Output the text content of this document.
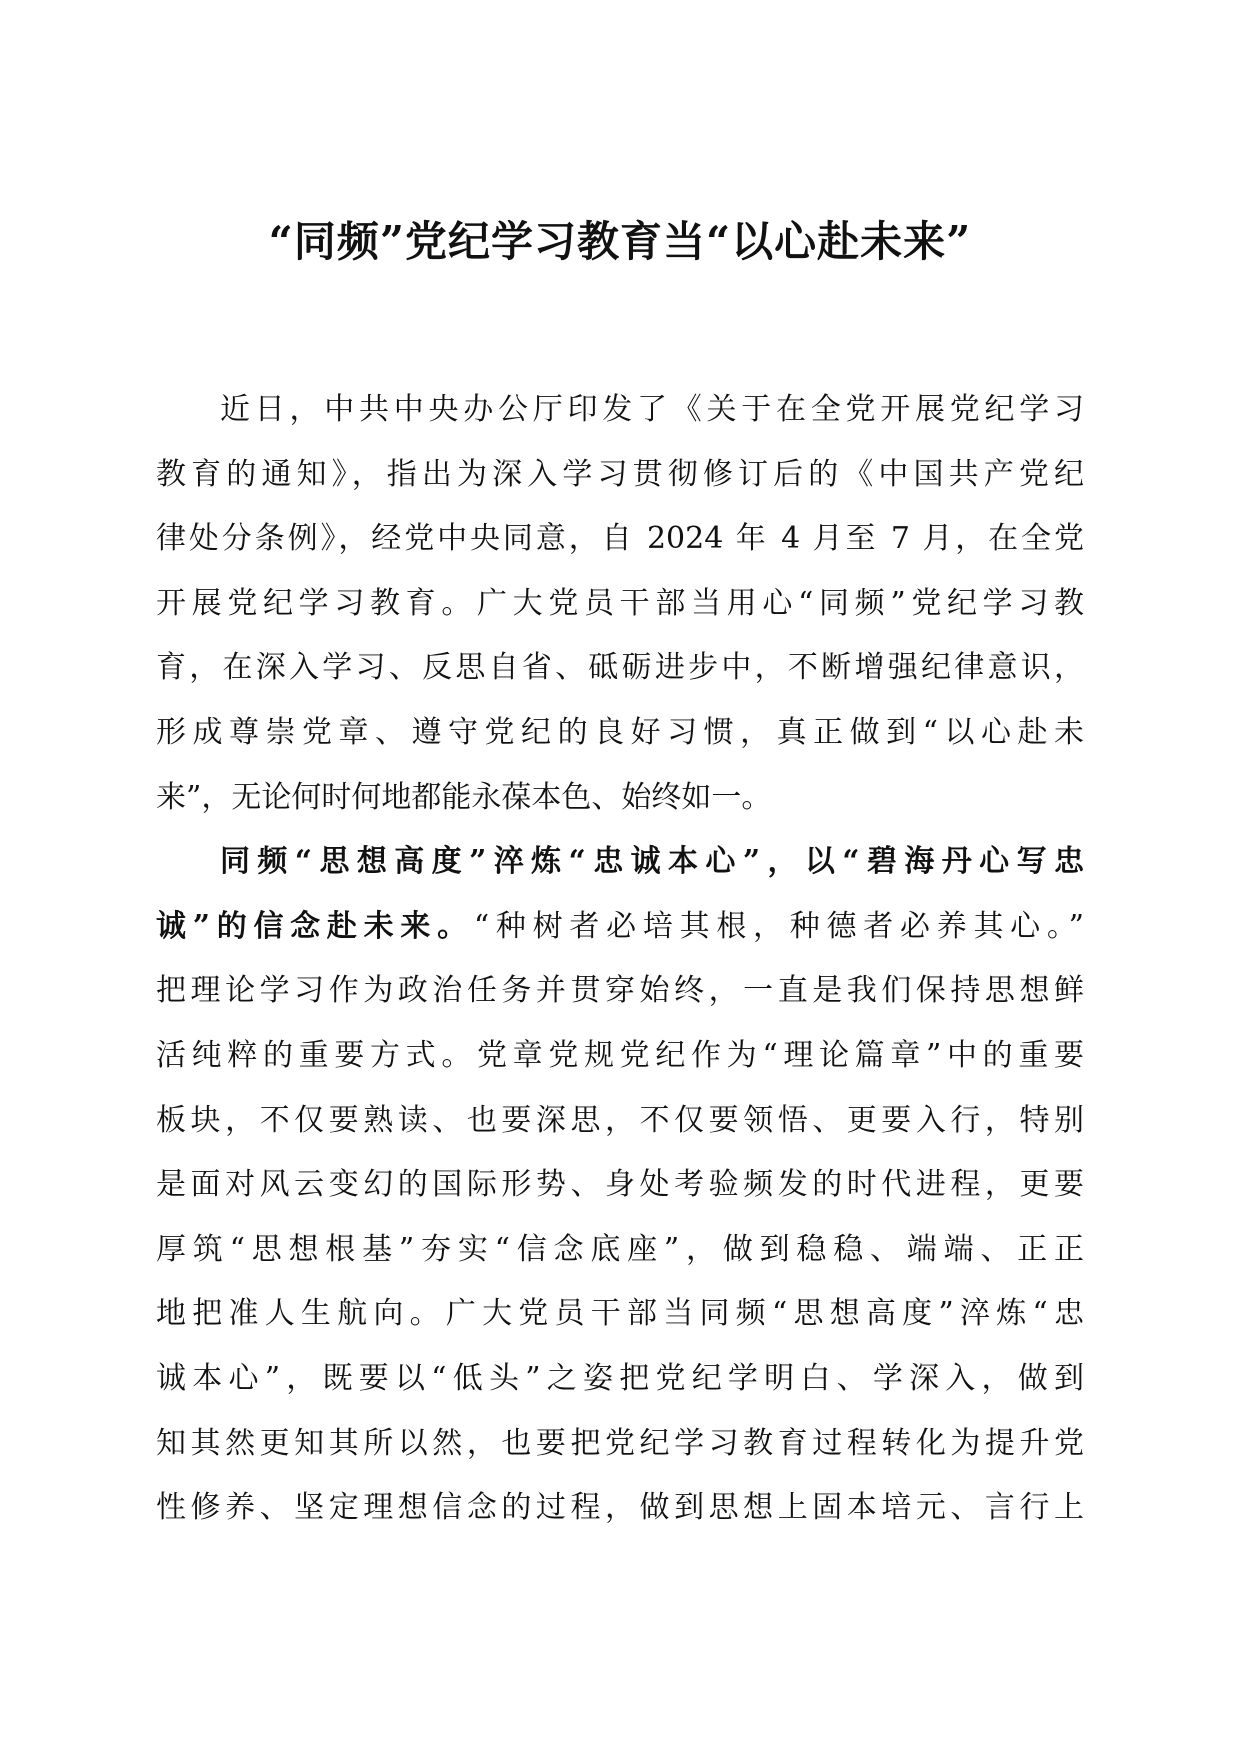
“同频”党纪学习教育当“以心赴未来”
近日，中共中央办公厅印发了《关于在全党开展党纪学习
教育的通知》，指出为深入学习贯彻修订后的《中国共产党纪
律处分条例》，经党中央同意，自 2024 年 4 月至 7 月，在全党
开展党纪学习教育。广大党员干部当用心“同频”党纪学习教
育，在深入学习、反思自省、砥砺进步中，不断增强纪律意识，
形成尊崇党章、遵守党纪的良好习惯，真正做到“以心赴未
来”，无论何时何地都能永葆本色、始终如一。
同频“思想高度”淬炼“忠诚本心”，以“碧海丹心写忠
诚”的信念赴未来。“种树者必培其根，种德者必养其心。”
把理论学习作为政治任务并贯穿始终，一直是我们保持思想鲜
活纯粹的重要方式。党章党规党纪作为“理论篇章”中的重要
板块，不仅要熟读、也要深思，不仅要领悟、更要入行，特别
是面对风云变幻的国际形势、身处考验频发的时代进程，更要
厚筑“思想根基”夯实“信念底座”，做到稳稳、端端、正正
地把准人生航向。广大党员干部当同频“思想高度”淬炼“忠
诚本心”，既要以“低头”之姿把党纪学明白、学深入，做到
知其然更知其所以然，也要把党纪学习教育过程转化为提升党
性修养、坚定理想信念的过程，做到思想上固本培元、言行上
